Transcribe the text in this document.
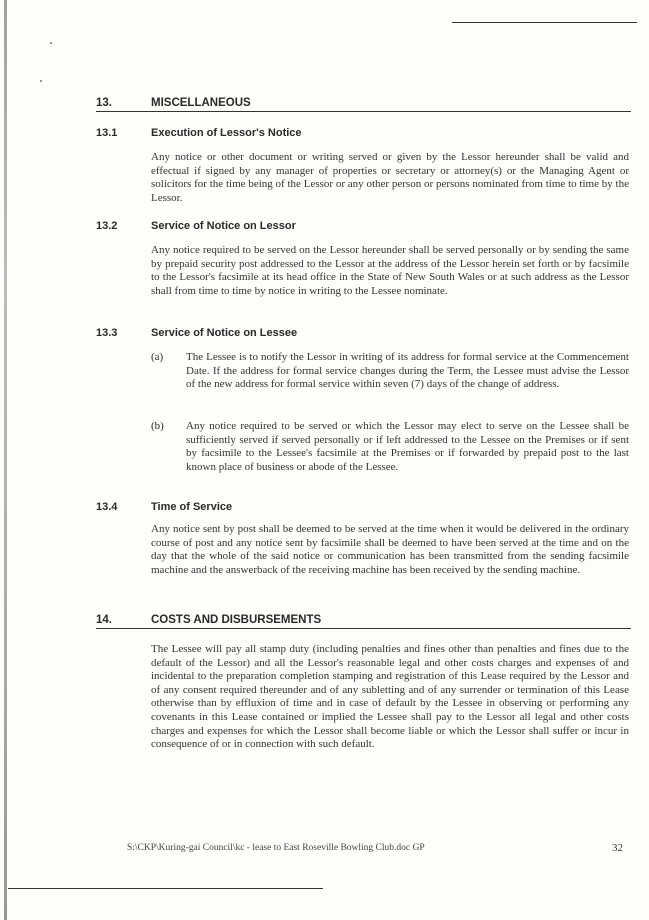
13.	MISCELLANEOUS
13.1	Execution of Lessor's Notice

Any notice or other document or writing served or given by the Lessor hereunder shall be valid and effectual if signed by any manager of properties or secretary or attorney(s) or the Managing Agent or solicitors for the time being of the Lessor or any other person or persons nominated from time to time by the Lessor.

13.2	Service of Notice on Lessor

Any notice required to be served on the Lessor hereunder shall be served personally or by sending the same by prepaid security post addressed to the Lessor at the address of the Lessor herein set forth or by facsimile to the Lessor's facsimile at its head office in the State of New South Wales or at such address as the Lessor shall from time to time by notice in writing to the Lessee nominate.

13.3	Service of Notice on Lessee
(a) The Lessee is to notify the Lessor in writing of its address for formal service at the Commencement Date. If the address for formal service changes during the Term, the Lessee must advise the Lessor of the new address for formal service within seven (7) days of the change of address.
(b) Any notice required to be served or which the Lessor may elect to serve on the Lessee shall be sufficiently served if served personally or if left addressed to the Lessee on the Premises or if sent by facsimile to the Lessee's facsimile at the Premises or if forwarded by prepaid post to the last known place of business or abode of the Lessee.
13.4	Time of Service

Any notice sent by post shall be deemed to be served at the time when it would be delivered in the ordinary course of post and any notice sent by facsimile shall be deemed to have been served at the time and on the day that the whole of the said notice or communication has been transmitted from the sending facsimile machine and the answerback of the receiving machine has been received by the sending machine.

14.	COSTS AND DISBURSEMENTS

The Lessee will pay all stamp duty (including penalties and fines other than penalties and fines due to the default of the Lessor) and all the Lessor's reasonable legal and other costs charges and expenses of and incidental to the preparation completion stamping and registration of this Lease required by the Lessor and of any consent required thereunder and of any subletting and of any surrender or termination of this Lease otherwise than by effluxion of time and in case of default by the Lessee in observing or performing any covenants in this Lease contained or implied the Lessee shall pay to the Lessor all legal and other costs charges and expenses for which the Lessor shall become liable or which the Lessor shall suffer or incur in consequence of or in connection with such default.

S:\CKP\Kuring-gai Council\kc - lease to East Roseville Bowling Club.doc GP	32
